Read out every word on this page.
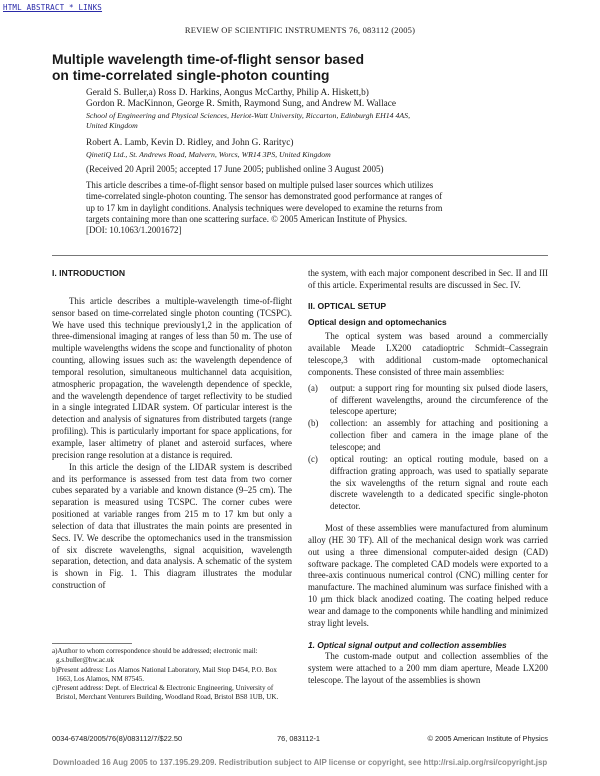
HTML ABSTRACT * LINKS
REVIEW OF SCIENTIFIC INSTRUMENTS 76, 083112 (2005)
Multiple wavelength time-of-flight sensor based
on time-correlated single-photon counting
Gerald S. Buller,a) Ross D. Harkins, Aongus McCarthy, Philip A. Hiskett,b)
Gordon R. MacKinnon, George R. Smith, Raymond Sung, and Andrew M. Wallace
School of Engineering and Physical Sciences, Heriot-Watt University, Riccarton, Edinburgh EH14 4AS,
United Kingdom
Robert A. Lamb, Kevin D. Ridley, and John G. Rarityc)
QinetiQ Ltd., St. Andrews Road, Malvern, Worcs, WR14 3PS, United Kingdom
(Received 20 April 2005; accepted 17 June 2005; published online 3 August 2005)
This article describes a time-of-flight sensor based on multiple pulsed laser sources which utilizes
time-correlated single-photon counting. The sensor has demonstrated good performance at ranges of
up to 17 km in daylight conditions. Analysis techniques were developed to examine the returns from
targets containing more than one scattering surface. © 2005 American Institute of Physics.
[DOI: 10.1063/1.2001672]
I. INTRODUCTION

This article describes a multiple-wavelength time-of-flight sensor based on time-correlated single photon counting (TCSPC). We have used this technique previously1,2 in the application of three-dimensional imaging at ranges of less than 50 m. The use of multiple wavelengths widens the scope and functionality of photon counting, allowing issues such as: the wavelength dependence of temporal resolution, simultaneous multichannel data acquisition, atmospheric propagation, the wavelength dependence of speckle, and the wavelength dependence of target reflectivity to be studied in a single integrated LIDAR system. Of particular interest is the detection and analysis of signatures from distributed targets (range profiling). This is particularly important for space applications, for example, laser altimetry of planet and asteroid surfaces, where precision range resolution at a distance is required.

In this article the design of the LIDAR system is described and its performance is assessed from test data from two corner cubes separated by a variable and known distance (9–25 cm). The separation is measured using TCSPC. The corner cubes were positioned at variable ranges from 215 m to 17 km but only a selection of data that illustrates the main points are presented in Secs. IV. We describe the optomechanics used in the transmission of six discrete wavelengths, signal acquisition, wavelength separation, detection, and data analysis. A schematic of the system is shown in Fig. 1. This diagram illustrates the modular construction of

a)Author to whom correspondence should be addressed; electronic mail: g.s.buller@hw.ac.uk
b)Present address: Los Alamos National Laboratory, Mail Stop D454, P.O. Box 1663, Los Alamos, NM 87545.
c)Present address: Dept. of Electrical & Electronic Engineering, University of Bristol, Merchant Venturers Building, Woodland Road, Bristol BS8 1UB, UK.

the system, with each major component described in Sec. II and III of this article. Experimental results are discussed in Sec. IV.

II. OPTICAL SETUP
Optical design and optomechanics

The optical system was based around a commercially available Meade LX200 catadioptric Schmidt–Cassegrain telescope,3 with additional custom-made optomechanical components. These consisted of three main assemblies:

(a)	output: a support ring for mounting six pulsed diode lasers, of different wavelengths, around the circumference of the telescope aperture;
(b)	collection: an assembly for attaching and positioning a collection fiber and camera in the image plane of the telescope; and
(c)	optical routing: an optical routing module, based on a diffraction grating approach, was used to spatially separate the six wavelengths of the return signal and route each discrete wavelength to a dedicated specific single-photon detector.

Most of these assemblies were manufactured from aluminum alloy (HE 30 TF). All of the mechanical design work was carried out using a three dimensional computer-aided design (CAD) software package. The completed CAD models were exported to a three-axis continuous numerical control (CNC) milling center for manufacture. The machined aluminum was surface finished with a 10 μm thick black anodized coating. The coating helped reduce wear and damage to the components while handling and minimized stray light levels.

1. Optical signal output and collection assemblies

The custom-made output and collection assemblies of the system were attached to a 200 mm diam aperture, Meade LX200 telescope. The layout of the assemblies is shown

0034-6748/2005/76(8)/083112/7/$22.50	76, 083112-1	© 2005 American Institute of Physics
Downloaded 16 Aug 2005 to 137.195.29.209. Redistribution subject to AIP license or copyright, see http://rsi.aip.org/rsi/copyright.jsp
